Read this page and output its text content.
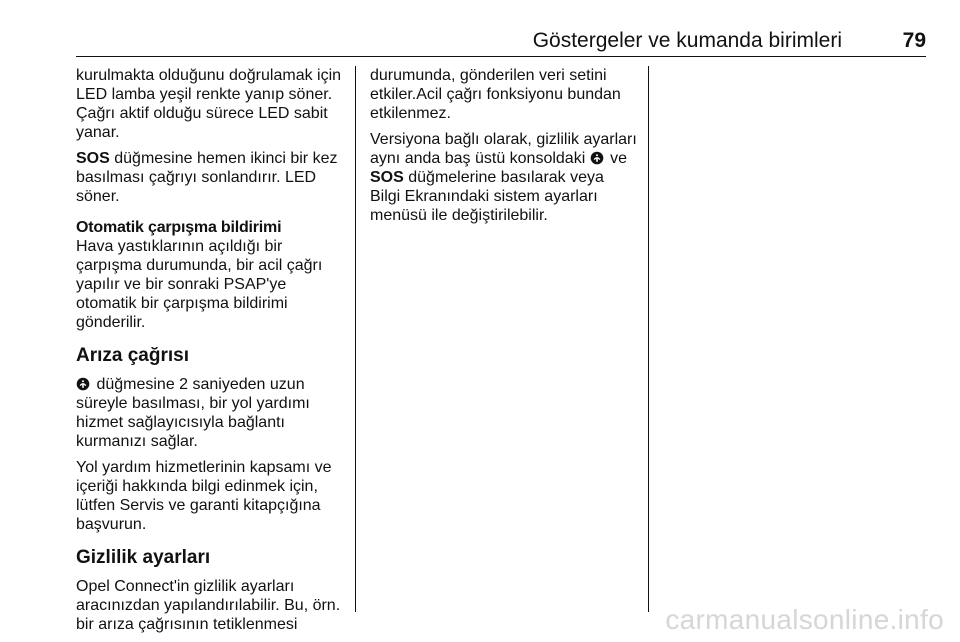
Göstergeler ve kumanda birimleri	79

kurulmakta olduğunu doğrulamak için LED lamba yeşil renkte yanıp söner. Çağrı aktif olduğu sürece LED sabit yanar.

SOS düğmesine hemen ikinci bir kez basılması çağrıyı sonlandırır. LED söner.

Otomatik çarpışma bildirimi

Hava yastıklarının açıldığı bir çarpışma durumunda, bir acil çağrı yapılır ve bir sonraki PSAP'ye otomatik bir çarpışma bildirimi gönderilir.

Arıza çağrısı

düğmesine 2 saniyeden uzun süreyle basılması, bir yol yardımı hizmet sağlayıcısıyla bağlantı kurmanızı sağlar.

Yol yardım hizmetlerinin kapsamı ve içeriği hakkında bilgi edinmek için, lütfen Servis ve garanti kitapçığına başvurun.

Gizlilik ayarları

Opel Connect'in gizlilik ayarları aracınızdan yapılandırılabilir. Bu, örn. bir arıza çağrısının tetiklenmesi

durumunda, gönderilen veri setini etkiler.Acil çağrı fonksiyonu bundan etkilenmez.

Versiyona bağlı olarak, gizlilik ayarları aynı anda baş üstü konsoldaki
ve SOS düğmelerine basılarak veya Bilgi Ekranındaki sistem ayarları menüsü ile değiştirilebilir.

carmanualsonline.info
